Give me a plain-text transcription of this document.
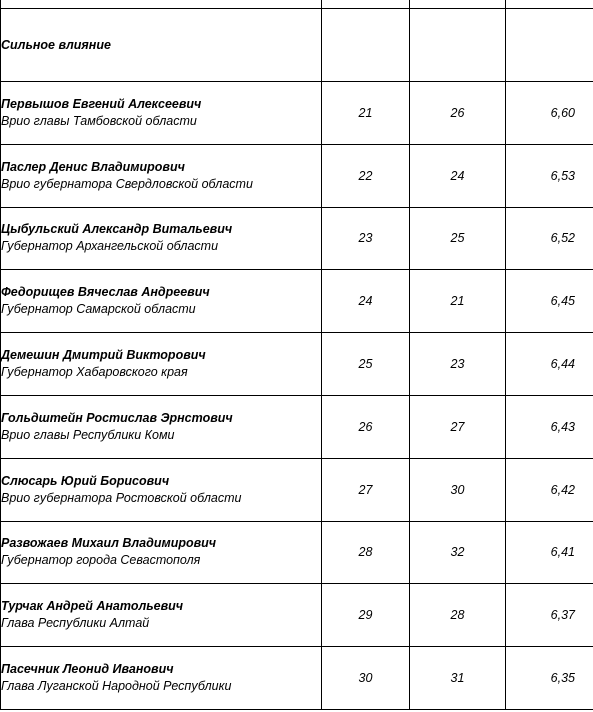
Сильное влияние			

Первышов Евгений Алексеевич
Врио главы Тамбовской области	21	26	6,60

Паслер Денис Владимирович
Врио губернатора Свердловской области	22	24	6,53

Цыбульский Александр Витальевич
Губернатор Архангельской области	23	25	6,52

Федорищев Вячеслав Андреевич
Губернатор Самарской области	24	21	6,45

Демешин Дмитрий Викторович
Губернатор Хабаровского края	25	23	6,44

Гольдштейн Ростислав Эрнстович
Врио главы Республики Коми	26	27	6,43

Слюсарь Юрий Борисович
Врио губернатора Ростовской области	27	30	6,42

Развожаев Михаил Владимирович
Губернатор города Севастополя	28	32	6,41

Турчак Андрей Анатольевич
Глава Республики Алтай	29	28	6,37

Пасечник Леонид Иванович
Глава Луганской Народной Республики	30	31	6,35
